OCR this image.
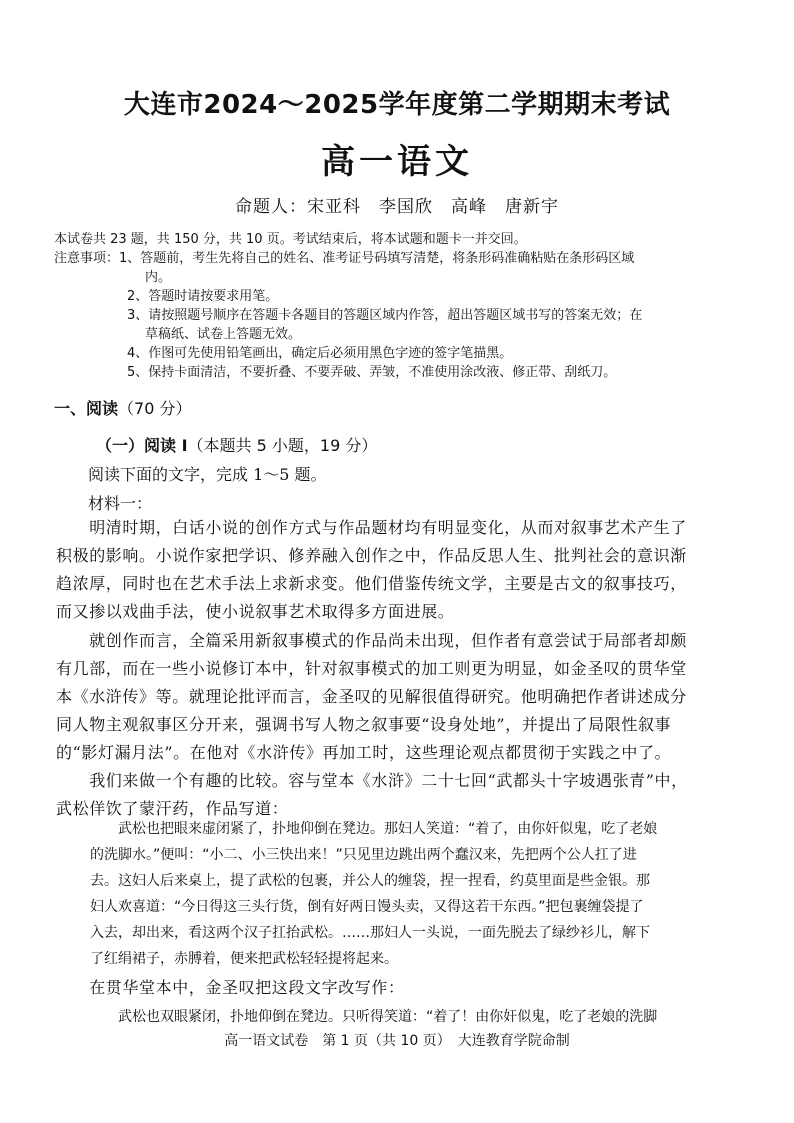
大连市2024～2025学年度第二学期期末考试
高一语文
命题人：宋亚科　李国欣　高峰　唐新宇
本试卷共 23 题，共 150 分，共 10 页。考试结束后，将本试题和题卡一并交回。
注意事项：1、答题前，考生先将自己的姓名、准考证号码填写清楚，将条形码准确粘贴在条形码区域
内。
2、答题时请按要求用笔。
3、请按照题号顺序在答题卡各题目的答题区域内作答，超出答题区域书写的答案无效；在
草稿纸、试卷上答题无效。
4、作图可先使用铅笔画出，确定后必须用黑色字迹的签字笔描黑。
5、保持卡面清洁，不要折叠、不要弄破、弄皱，不准使用涂改液、修正带、刮纸刀。
一、阅读（70 分）
（一）阅读 I（本题共 5 小题，19 分）
阅读下面的文字，完成 1～5 题。
材料一：
　　明清时期，白话小说的创作方式与作品题材均有明显变化，从而对叙事艺术产生了
积极的影响。小说作家把学识、修养融入创作之中，作品反思人生、批判社会的意识渐
趋浓厚，同时也在艺术手法上求新求变。他们借鉴传统文学，主要是古文的叙事技巧，
而又掺以戏曲手法，使小说叙事艺术取得多方面进展。
　　就创作而言，全篇采用新叙事模式的作品尚未出现，但作者有意尝试于局部者却颇
有几部，而在一些小说修订本中，针对叙事模式的加工则更为明显，如金圣叹的贯华堂
本《水浒传》等。就理论批评而言，金圣叹的见解很值得研究。他明确把作者讲述成分
同人物主观叙事区分开来，强调书写人物之叙事要“设身处地”，并提出了局限性叙事
的“影灯漏月法”。在他对《水浒传》再加工时，这些理论观点都贯彻于实践之中了。
　　我们来做一个有趣的比较。容与堂本《水浒》二十七回“武都头十字坡遇张青”中，
武松佯饮了蒙汗药，作品写道：
武松也把眼来虚闭紧了，扑地仰倒在凳边。那妇人笑道：“着了，由你奸似鬼，吃了老娘
的洗脚水。”便叫：“小二、小三快出来！”只见里边跳出两个蠢汉来，先把两个公人扛了进
去。这妇人后来桌上，提了武松的包裹，并公人的缠袋，捏一捏看，约莫里面是些金银。那
妇人欢喜道：“今日得这三头行货，倒有好两日馒头卖，又得这若干东西。”把包裹缠袋提了
入去，却出来，看这两个汉子扛抬武松。……那妇人一头说，一面先脱去了绿纱衫儿，解下
了红绢裙子，赤膊着，便来把武松轻轻提将起来。
　　在贯华堂本中，金圣叹把这段文字改写作：
武松也双眼紧闭，扑地仰倒在凳边。只听得笑道：“着了！由你奸似鬼，吃了老娘的洗脚
高一语文试卷　第 1 页（共 10 页）　大连教育学院命制
